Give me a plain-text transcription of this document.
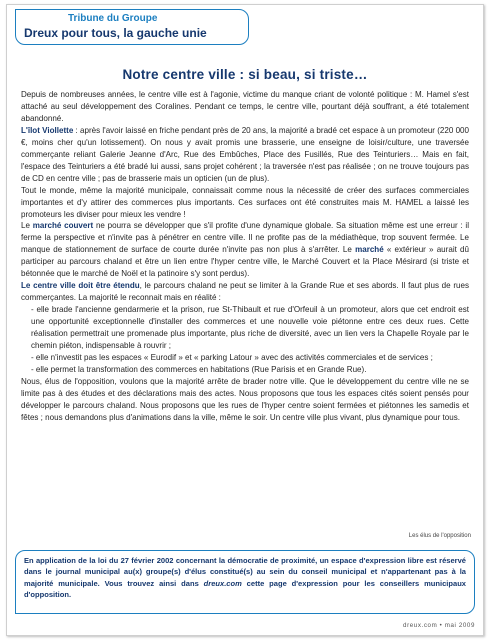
Tribune du Groupe
Dreux pour tous, la gauche unie
Notre centre ville : si beau, si triste…

Depuis de nombreuses années, le centre ville est à l'agonie, victime du manque criant de volonté politique : M. Hamel s'est attaché au seul développement des Coralines. Pendant ce temps, le centre ville, pourtant déjà souffrant, a été totalement abandonné.

L'îlot Viollette : après l'avoir laissé en friche pendant près de 20 ans, la majorité a bradé cet espace à un promoteur (220 000 €, moins cher qu'un lotissement). On nous y avait promis une brasserie, une enseigne de loisir/culture, une traversée commerçante reliant Galerie Jeanne d'Arc, Rue des Embûches, Place des Fusillés, Rue des Teinturiers… Mais en fait, l'espace des Teinturiers a été bradé lui aussi, sans projet cohérent ; la traversée n'est pas réalisée ; on ne trouve toujours pas de CD en centre ville ; pas de brasserie mais un opticien (un de plus).

Tout le monde, même la majorité municipale, connaissait comme nous la nécessité de créer des surfaces commerciales importantes et d'y attirer des commerces plus importants. Ces surfaces ont été construites mais M. HAMEL a laissé les promoteurs les diviser pour mieux les vendre !

Le marché couvert ne pourra se développer que s'il profite d'une dynamique globale. Sa situation même est une erreur : il ferme la perspective et n'invite pas à pénétrer en centre ville. Il ne profite pas de la médiathèque, trop souvent fermée. Le manque de stationnement de surface de courte durée n'invite pas non plus à s'arrêter. Le marché « extérieur » aurait dû participer au parcours chaland et être un lien entre l'hyper centre ville, le Marché Couvert et la Place Mésirard (si triste et bétonnée que le marché de Noël et la patinoire s'y sont perdus).

Le centre ville doit être étendu, le parcours chaland ne peut se limiter à la Grande Rue et ses abords. Il faut plus de rues commerçantes. La majorité le reconnait mais en réalité :

- elle brade l'ancienne gendarmerie et la prison, rue St-Thibault et rue d'Orfeuil à un promoteur, alors que cet endroit est une opportunité exceptionnelle d'installer des commerces et une nouvelle voie piétonne entre ces deux rues. Cette réalisation permettrait une promenade plus importante, plus riche de diversité, avec un lien vers la Chapelle Royale par le chemin piéton, indispensable à rouvrir ;

- elle n'investit pas les espaces « Eurodif » et « parking Latour » avec des activités commerciales et de services ;

- elle permet la transformation des commerces en habitations (Rue Parisis et en Grande Rue).

Nous, élus de l'opposition, voulons que la majorité arrête de brader notre ville. Que le développement du centre ville ne se limite pas à des études et des déclarations mais des actes. Nous proposons que tous les espaces cités soient pensés pour développer le parcours chaland. Nous proposons que les rues de l'hyper centre soient fermées et piétonnes les samedis et fêtes ; nous demandons plus d'animations dans la ville, même le soir. Un centre ville plus vivant, plus dynamique pour tous.

Les élus de l'opposition

En application de la loi du 27 février 2002 concernant la démocratie de proximité, un espace d'expression libre est réservé dans le journal municipal au(x) groupe(s) d'élus constitué(s) au sein du conseil municipal et n'appartenant pas à la majorité municipale. Vous trouvez ainsi dans dreux.com cette page d'expression pour les conseillers municipaux d'opposition.

dreux.com • mai 2009
